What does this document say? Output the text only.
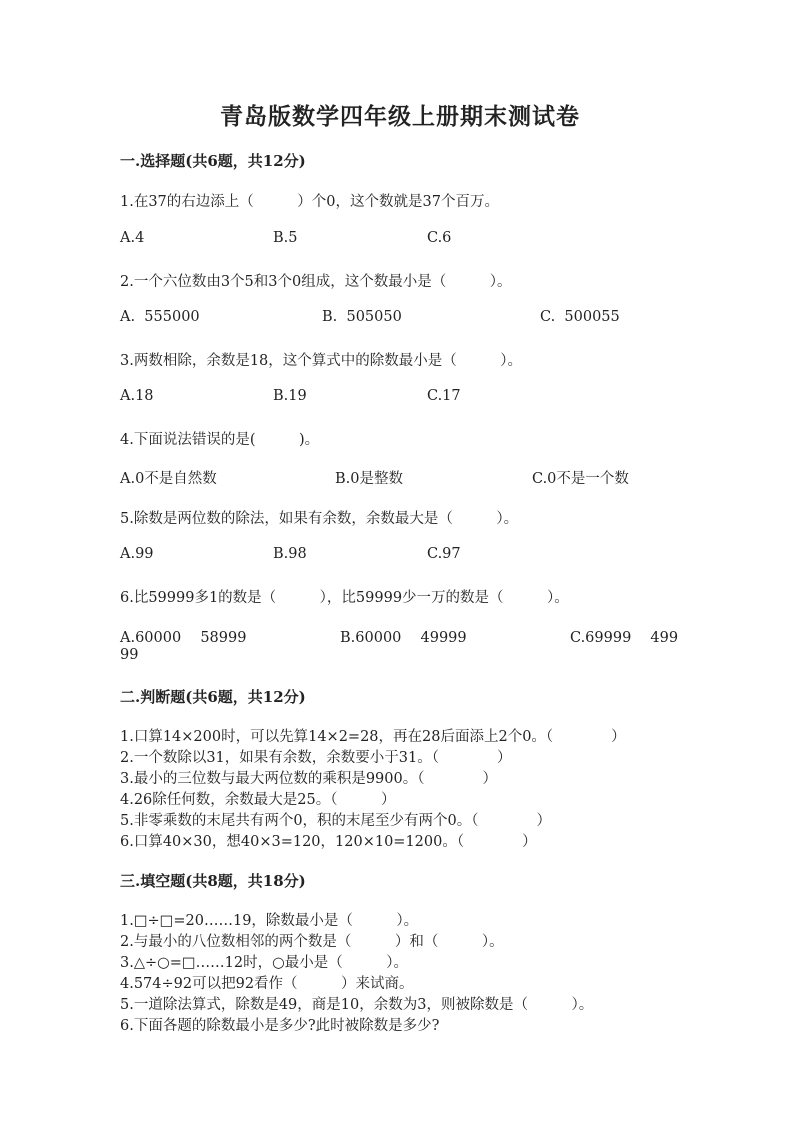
青岛版数学四年级上册期末测试卷
一.选择题(共6题，共12分)
1.在37的右边添上（　　　）个0，这个数就是37个百万。
A.4	B.5	C.6
2.一个六位数由3个5和3个0组成，这个数最小是（　　　）。
A.  555000	B.  505050	C.  500055
3.两数相除，余数是18，这个算式中的除数最小是（　　　）。
A.18	B.19	C.17
4.下面说法错误的是(　　　)。
A.0不是自然数	B.0是整数	C.0不是一个数
5.除数是两位数的除法，如果有余数，余数最大是（　　　）。
A.99	B.98	C.97
6.比59999多1的数是（　　　），比59999少一万的数是（　　　）。
A.60000　 58999	B.60000　 49999	C.69999　 499
99
二.判断题(共6题，共12分)
1.口算14×200时，可以先算14×2=28，再在28后面添上2个0。（　　　　）
2.一个数除以31，如果有余数，余数要小于31。（　　　　）
3.最小的三位数与最大两位数的乘积是9900。（　　　　）
4.26除任何数，余数最大是25。（　　　）
5.非零乘数的末尾共有两个0，积的末尾至少有两个0。（　　　　）
6.口算40×30，想40×3=120，120×10=1200。（　　　　）
三.填空题(共8题，共18分)
1.□÷□=20……19，除数最小是（　　　）。
2.与最小的八位数相邻的两个数是（　　　）和（　　　）。
3.△÷○=□……12时，○最小是（　　　）。
4.574÷92可以把92看作（　　　）来试商。
5.一道除法算式，除数是49，商是10，余数为3，则被除数是（　　　）。
6.下面各题的除数最小是多少?此时被除数是多少?
